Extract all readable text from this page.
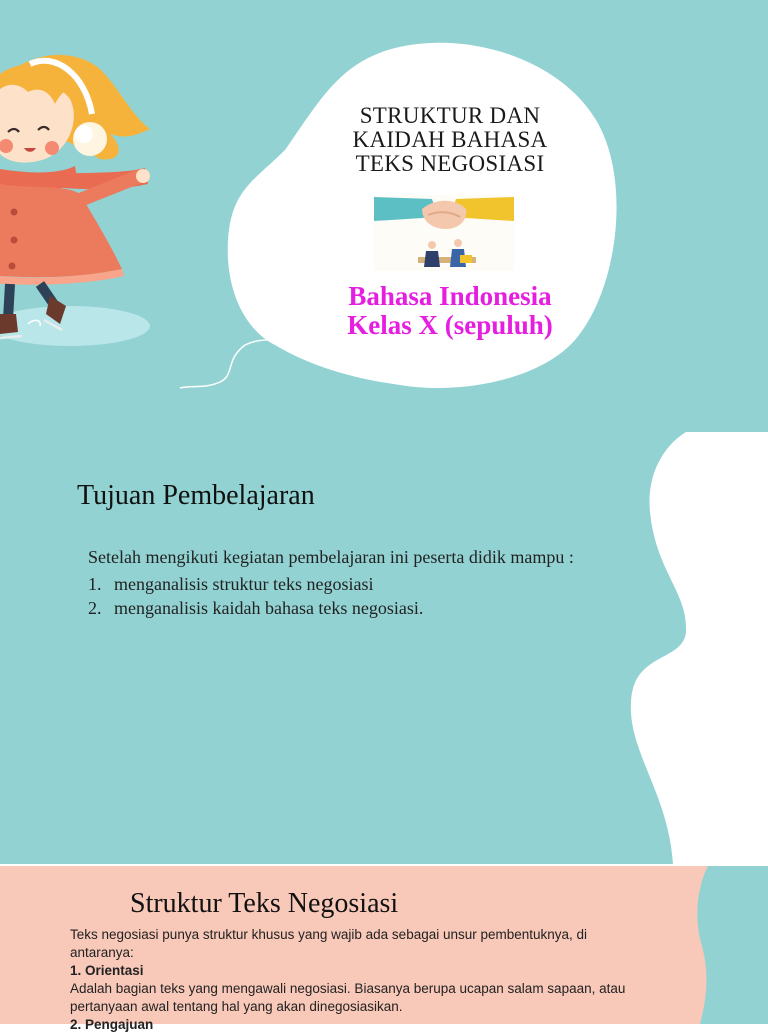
STRUKTUR DAN
KAIDAH BAHASA
TEKS NEGOSIASI
Bahasa Indonesia
Kelas X (sepuluh)
Tujuan Pembelajaran
Setelah mengikuti kegiatan pembelajaran ini peserta didik mampu :
1. menganalisis struktur teks negosiasi
2. menganalisis kaidah bahasa teks negosiasi.
Struktur Teks Negosiasi

Teks negosiasi punya struktur khusus yang wajib ada sebagai unsur pembentuknya, di antaranya:

1. Orientasi

Adalah bagian teks yang mengawali negosiasi. Biasanya berupa ucapan salam sapaan, atau pertanyaan awal tentang hal yang akan dinegosiasikan.

2. Pengajuan
